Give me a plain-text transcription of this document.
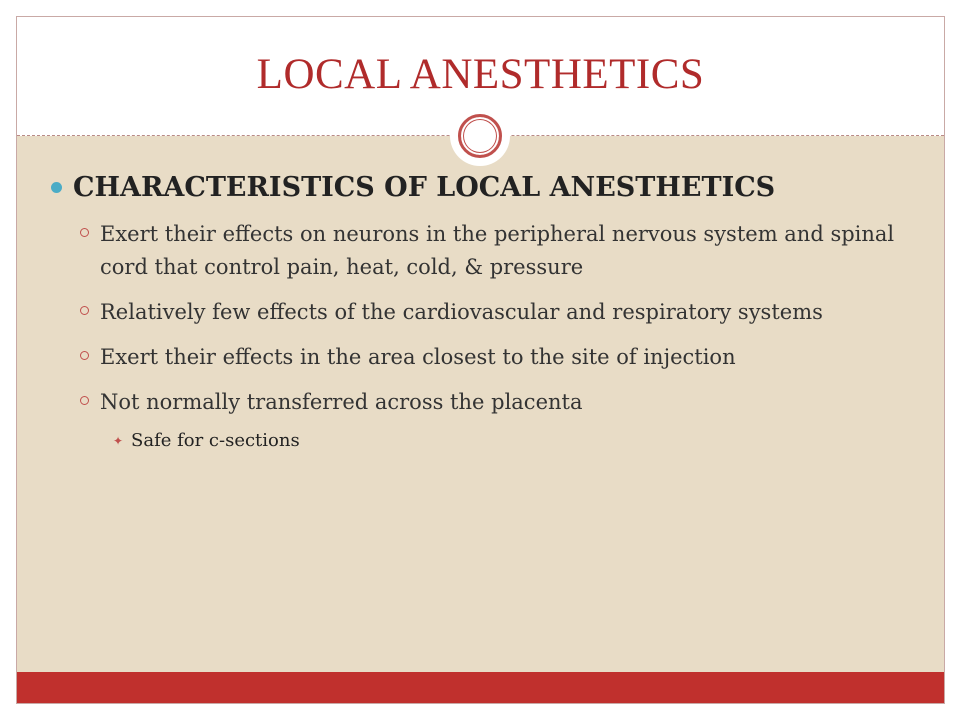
LOCAL ANESTHETICS
CHARACTERISTICS OF LOCAL ANESTHETICS
Exert their effects on neurons in the peripheral nervous system and spinal cord that control pain, heat, cold, & pressure
Relatively few effects of the cardiovascular and respiratory systems
Exert their effects in the area closest to the site of injection
Not normally transferred across the placenta
✦ Safe for c-sections
